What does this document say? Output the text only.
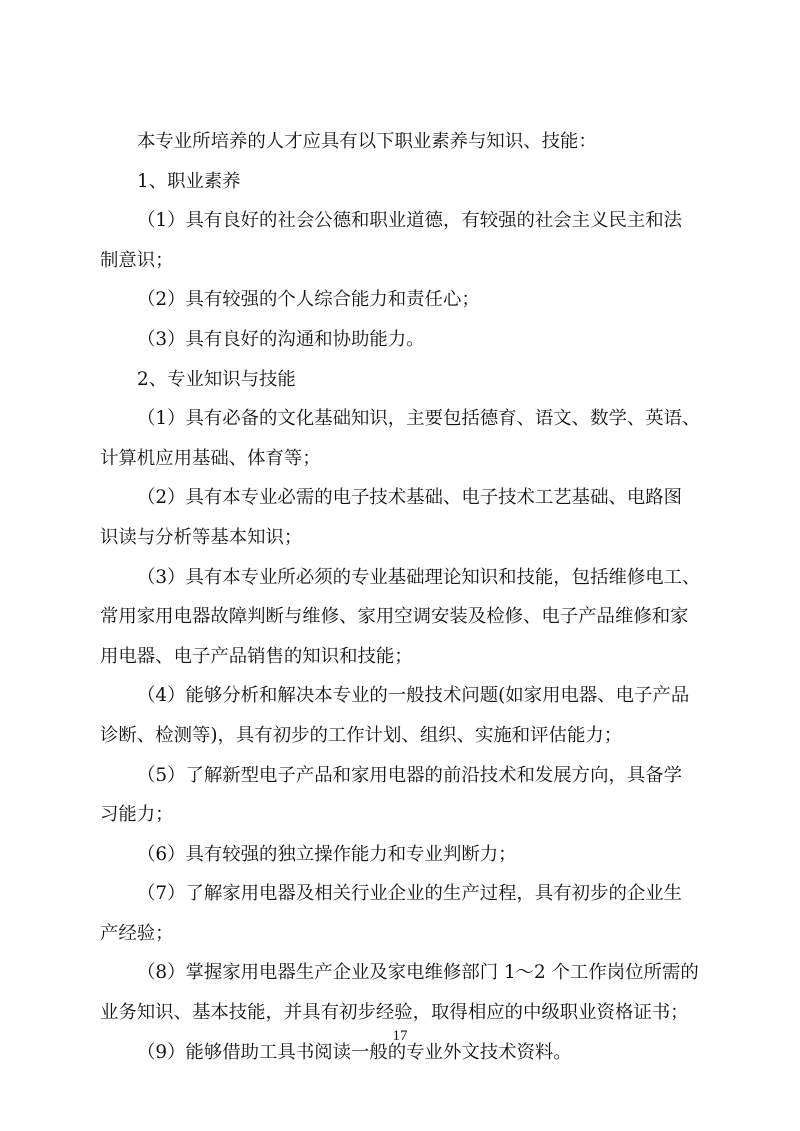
本专业所培养的人才应具有以下职业素养与知识、技能：
1、职业素养
（1）具有良好的社会公德和职业道德，有较强的社会主义民主和法
制意识；
（2）具有较强的个人综合能力和责任心；
（3）具有良好的沟通和协助能力。
2、专业知识与技能
（1）具有必备的文化基础知识，主要包括德育、语文、数学、英语、
计算机应用基础、体育等；
（2）具有本专业必需的电子技术基础、电子技术工艺基础、电路图
识读与分析等基本知识；
（3）具有本专业所必须的专业基础理论知识和技能，包括维修电工、
常用家用电器故障判断与维修、家用空调安装及检修、电子产品维修和家
用电器、电子产品销售的知识和技能；
（4）能够分析和解决本专业的一般技术问题(如家用电器、电子产品
诊断、检测等)，具有初步的工作计划、组织、实施和评估能力；
（5）了解新型电子产品和家用电器的前沿技术和发展方向，具备学
习能力；
（6）具有较强的独立操作能力和专业判断力；
（7）了解家用电器及相关行业企业的生产过程，具有初步的企业生
产经验；
（8）掌握家用电器生产企业及家电维修部门 1～2 个工作岗位所需的
业务知识、基本技能，并具有初步经验，取得相应的中级职业资格证书；
（9）能够借助工具书阅读一般的专业外文技术资料。
17
